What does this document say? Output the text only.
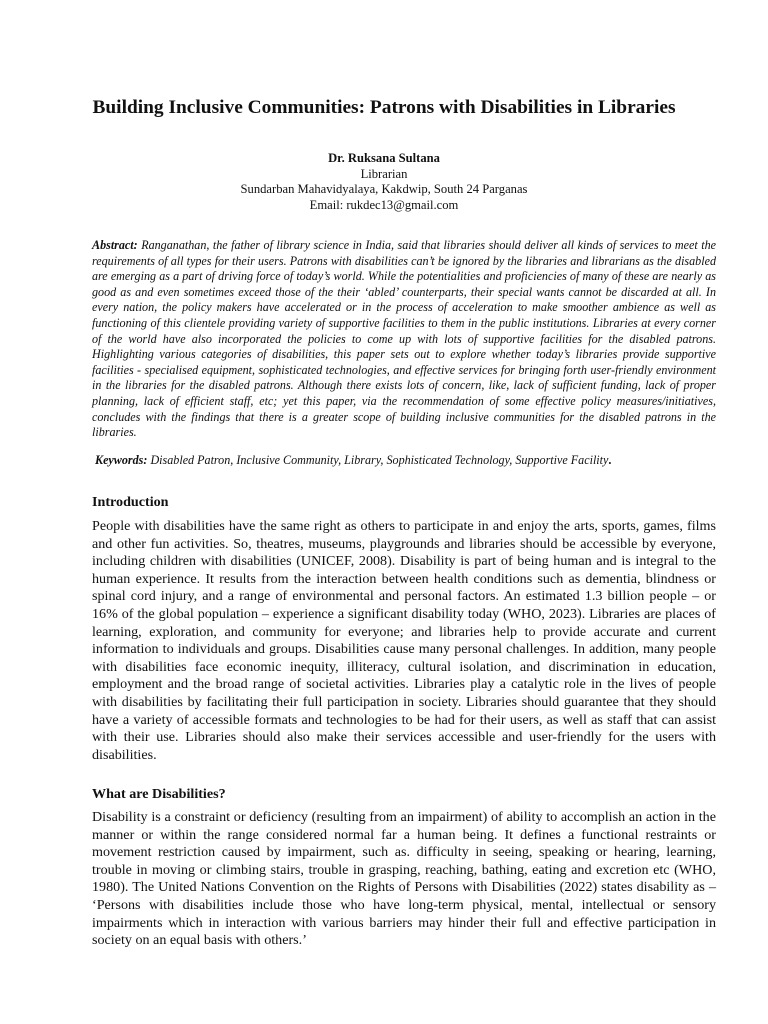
Building Inclusive Communities: Patrons with Disabilities in Libraries
Dr. Ruksana Sultana
Librarian
Sundarban Mahavidyalaya, Kakdwip, South 24 Parganas
Email: rukdec13@gmail.com

Abstract: Ranganathan, the father of library science in India, said that libraries should deliver all kinds of services to meet the requirements of all types for their users. Patrons with disabilities can’t be ignored by the libraries and librarians as the disabled are emerging as a part of driving force of today’s world. While the potentialities and proficiencies of many of these are nearly as good as and even sometimes exceed those of the their ‘abled’ counterparts, their special wants cannot be discarded at all. In every nation, the policy makers have accelerated or in the process of acceleration to make smoother ambience as well as functioning of this clientele providing variety of supportive facilities to them in the public institutions. Libraries at every corner of the world have also incorporated the policies to come up with lots of supportive facilities for the disabled patrons. Highlighting various categories of disabilities, this paper sets out to explore whether today’s libraries provide supportive facilities - specialised equipment, sophisticated technologies, and effective services for bringing forth user-friendly environment in the libraries for the disabled patrons. Although there exists lots of concern, like, lack of sufficient funding, lack of proper planning, lack of efficient staff, etc; yet this paper, via the recommendation of some effective policy measures/initiatives, concludes with the findings that there is a greater scope of building inclusive communities for the disabled patrons in the libraries.

Keywords: Disabled Patron, Inclusive Community, Library, Sophisticated Technology, Supportive Facility.

Introduction

People with disabilities have the same right as others to participate in and enjoy the arts, sports, games, films and other fun activities. So, theatres, museums, playgrounds and libraries should be accessible by everyone, including children with disabilities (UNICEF, 2008). Disability is part of being human and is integral to the human experience. It results from the interaction between health conditions such as dementia, blindness or spinal cord injury, and a range of environmental and personal factors. An estimated 1.3 billion people – or 16% of the global population – experience a significant disability today (WHO, 2023). Libraries are places of learning, exploration, and community for everyone; and libraries help to provide accurate and current information to individuals and groups. Disabilities cause many personal challenges. In addition, many people with disabilities face economic inequity, illiteracy, cultural isolation, and discrimination in education, employment and the broad range of societal activities. Libraries play a catalytic role in the lives of people with disabilities by facilitating their full participation in society. Libraries should guarantee that they should have a variety of accessible formats and technologies to be had for their users, as well as staff that can assist with their use. Libraries should also make their services accessible and user-friendly for the users with disabilities.

What are Disabilities?

Disability is a constraint or deficiency (resulting from an impairment) of ability to accomplish an action in the manner or within the range considered normal far a human being. It defines a functional restraints or movement restriction caused by impairment, such as. difficulty in seeing, speaking or hearing, learning, trouble in moving or climbing stairs, trouble in grasping, reaching, bathing, eating and excretion etc (WHO, 1980). The United Nations Convention on the Rights of Persons with Disabilities (2022) states disability as – ‘Persons with disabilities include those who have long-term physical, mental, intellectual or sensory impairments which in interaction with various barriers may hinder their full and effective participation in society on an equal basis with others.’
